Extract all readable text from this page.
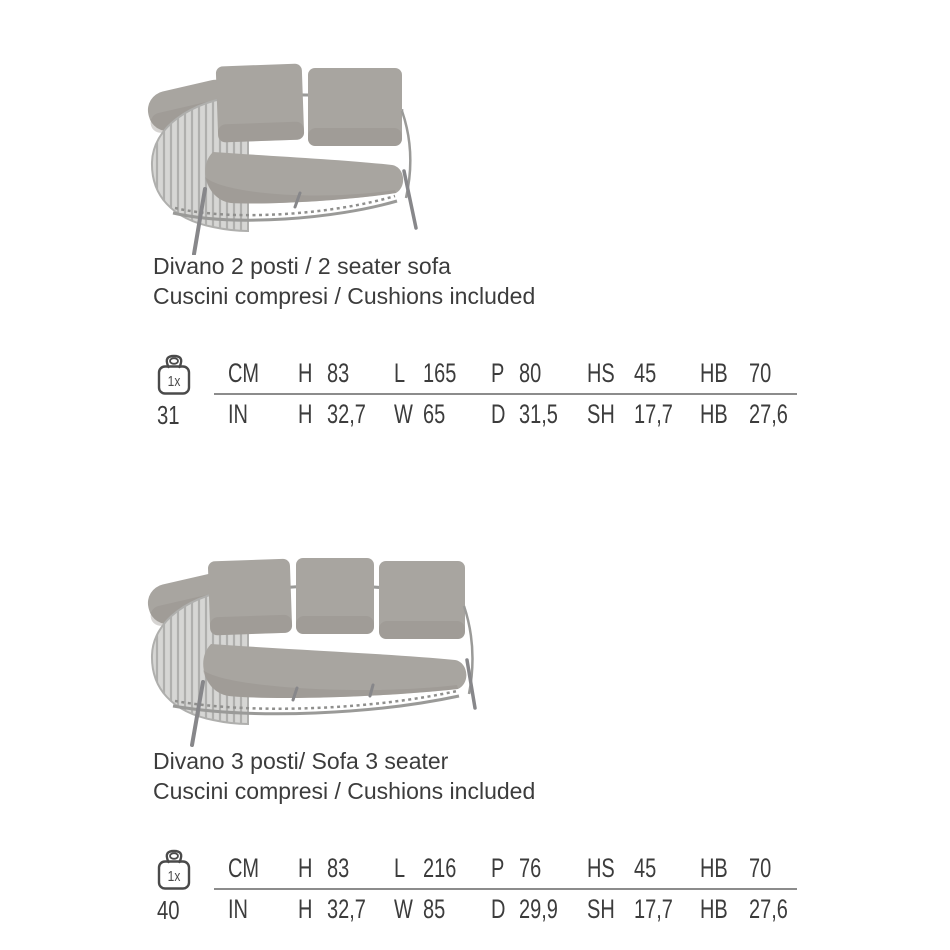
Divano 2 posti / 2 seater sofa
Cuscini compresi / Cushions included
1x
31
CM H 83 L 165 P 80 HS 45 HB 70
IN H 32,7 W 65 D 31,5 SH 17,7 HB 27,6
Divano 3 posti/ Sofa 3 seater
Cuscini compresi / Cushions included
1x
40
CM H 83 L 216 P 76 HS 45 HB 70
IN H 32,7 W 85 D 29,9 SH 17,7 HB 27,6
